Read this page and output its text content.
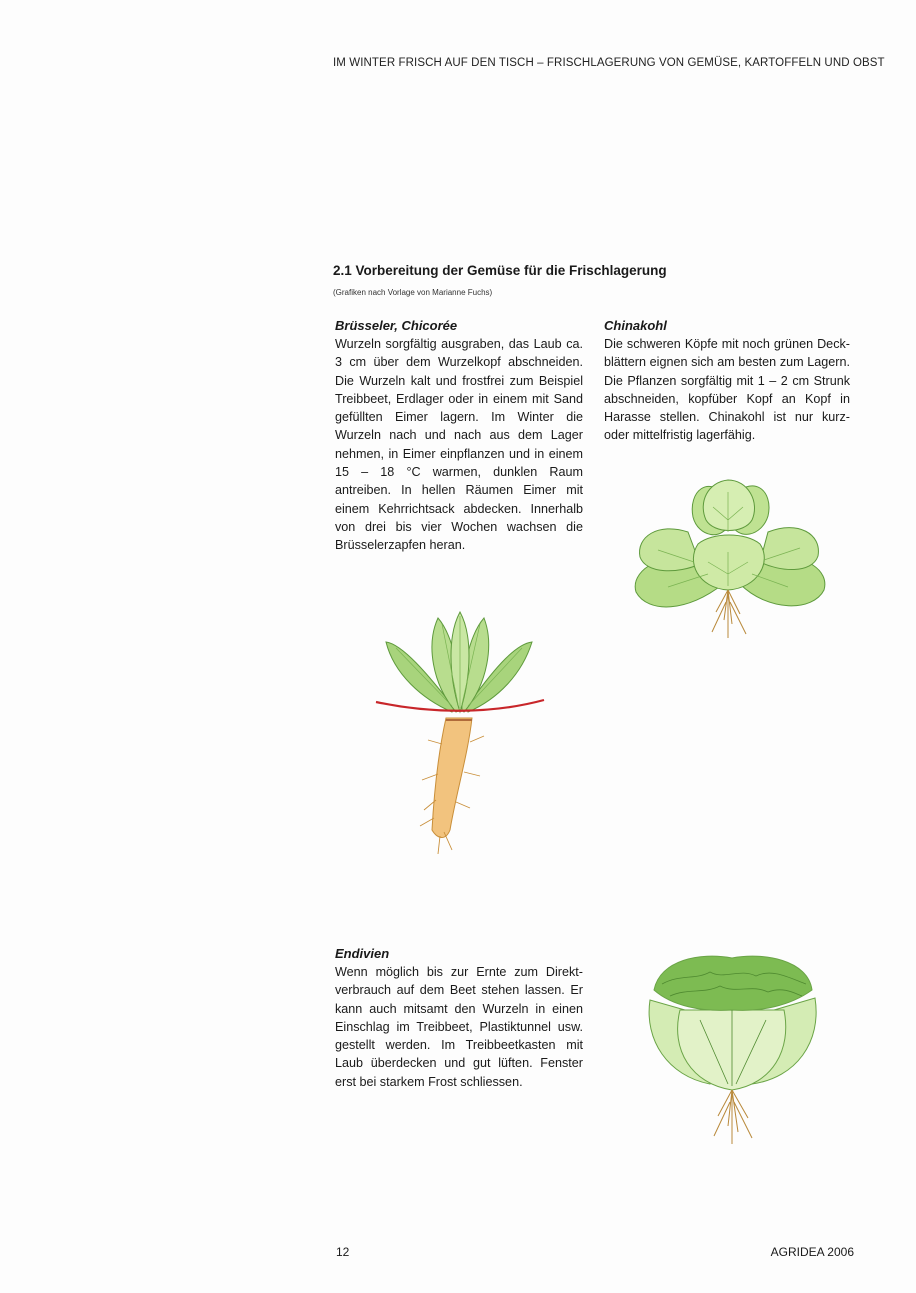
IM WINTER FRISCH AUF DEN TISCH – FRISCHLAGERUNG VON GEMÜSE, KARTOFFELN UND OBST
2.1 Vorbereitung der Gemüse für die Frischlagerung
(Grafiken nach Vorlage von Marianne Fuchs)
Brüsseler, Chicorée

Wurzeln sorgfältig ausgraben, das Laub ca. 3 cm über dem Wurzelkopf abschneiden. Die Wurzeln kalt und frostfrei zum Beispiel Treibbeet, Erdlager oder in einem mit Sand gefüllten Eimer lagern. Im Winter die Wurzeln nach und nach aus dem Lager nehmen, in Eimer einpflanzen und in einem 15 – 18 °C warmen, dunklen Raum antreiben. In hellen Räumen Eimer mit einem Kehrrichtsack abdecken. Innerhalb von drei bis vier Wochen wachsen die Brüsselerzapfen heran.

Chinakohl

Die schweren Köpfe mit noch grünen Deckblättern eignen sich am besten zum Lagern. Die Pflanzen sorgfältig mit 1 – 2 cm Strunk abschneiden, kopfüber Kopf an Kopf in Harasse stellen. Chinakohl ist nur kurz- oder mittelfristig lagerfähig.

Endivien

Wenn möglich bis zur Ernte zum Direktverbrauch auf dem Beet stehen lassen. Er kann auch mitsamt den Wurzeln in einen Einschlag im Treibbeet, Plastiktunnel usw. gestellt werden. Im Treibbeetkasten mit Laub überdecken und gut lüften. Fenster erst bei starkem Frost schliessen.

12	AGRIDEA 2006
